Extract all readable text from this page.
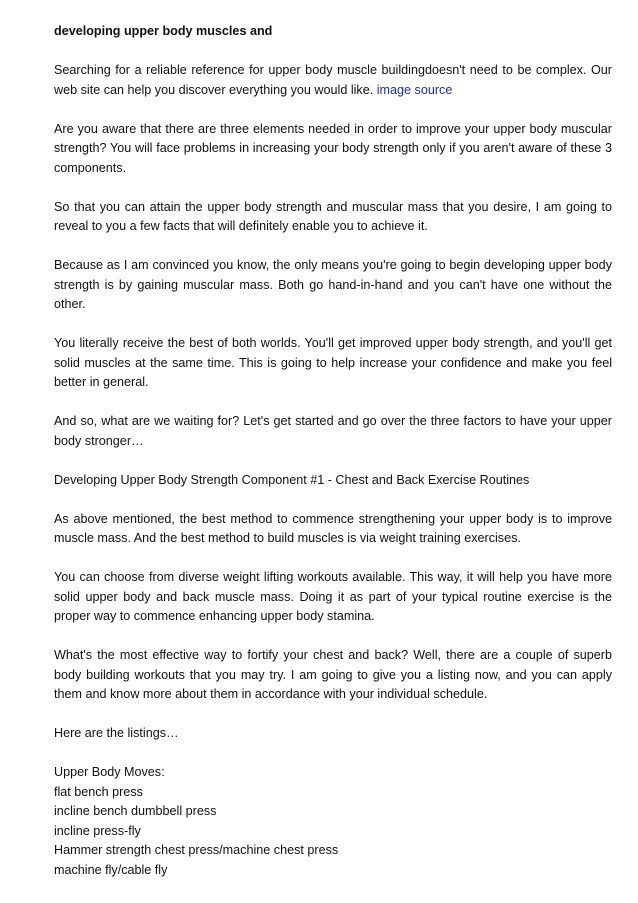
developing upper body muscles and

Searching for a reliable reference for upper body muscle buildingdoesn't need to be complex. Our web site can help you discover everything you would like. image source

Are you aware that there are three elements needed in order to improve your upper body muscular strength? You will face problems in increasing your body strength only if you aren't aware of these 3 components.

So that you can attain the upper body strength and muscular mass that you desire, I am going to reveal to you a few facts that will definitely enable you to achieve it.

Because as I am convinced you know, the only means you're going to begin developing upper body strength is by gaining muscular mass. Both go hand-in-hand and you can't have one without the other.

You literally receive the best of both worlds. You'll get improved upper body strength, and you'll get solid muscles at the same time. This is going to help increase your confidence and make you feel better in general.

And so, what are we waiting for? Let's get started and go over the three factors to have your upper body stronger…

Developing Upper Body Strength Component #1 - Chest and Back Exercise Routines

As above mentioned, the best method to commence strengthening your upper body is to improve muscle mass. And the best method to build muscles is via weight training exercises.

You can choose from diverse weight lifting workouts available. This way, it will help you have more solid upper body and back muscle mass. Doing it as part of your typical routine exercise is the proper way to commence enhancing upper body stamina.

What's the most effective way to fortify your chest and back? Well, there are a couple of superb body building workouts that you may try. I am going to give you a listing now, and you can apply them and know more about them in accordance with your individual schedule.

Here are the listings…

Upper Body Moves:
flat bench press
incline bench dumbbell press
incline press-fly
Hammer strength chest press/machine chest press
machine fly/cable fly
